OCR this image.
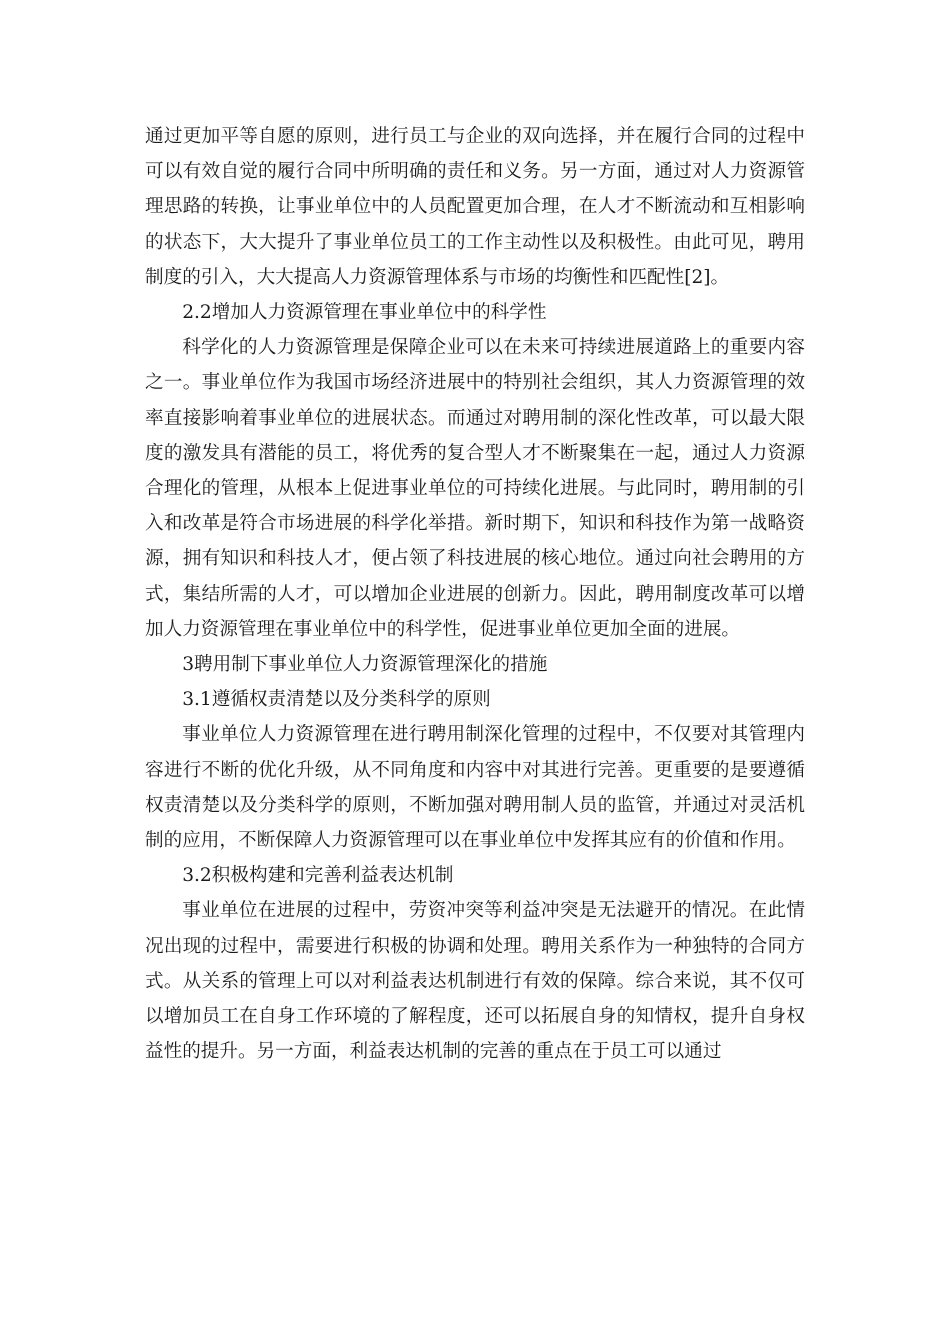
通过更加平等自愿的原则，进行员工与企业的双向选择，并在履行合同的过程中可以有效自觉的履行合同中所明确的责任和义务。另一方面，通过对人力资源管理思路的转换，让事业单位中的人员配置更加合理，在人才不断流动和互相影响的状态下，大大提升了事业单位员工的工作主动性以及积极性。由此可见，聘用制度的引入，大大提高人力资源管理体系与市场的均衡性和匹配性[2]。

2.2增加人力资源管理在事业单位中的科学性

科学化的人力资源管理是保障企业可以在未来可持续进展道路上的重要内容之一。事业单位作为我国市场经济进展中的特别社会组织，其人力资源管理的效率直接影响着事业单位的进展状态。而通过对聘用制的深化性改革，可以最大限度的激发具有潜能的员工，将优秀的复合型人才不断聚集在一起，通过人力资源合理化的管理，从根本上促进事业单位的可持续化进展。与此同时，聘用制的引入和改革是符合市场进展的科学化举措。新时期下，知识和科技作为第一战略资源，拥有知识和科技人才，便占领了科技进展的核心地位。通过向社会聘用的方式，集结所需的人才，可以增加企业进展的创新力。因此，聘用制度改革可以增加人力资源管理在事业单位中的科学性，促进事业单位更加全面的进展。

3聘用制下事业单位人力资源管理深化的措施

3.1遵循权责清楚以及分类科学的原则

事业单位人力资源管理在进行聘用制深化管理的过程中，不仅要对其管理内容进行不断的优化升级，从不同角度和内容中对其进行完善。更重要的是要遵循权责清楚以及分类科学的原则，不断加强对聘用制人员的监管，并通过对灵活机制的应用，不断保障人力资源管理可以在事业单位中发挥其应有的价值和作用。

3.2积极构建和完善利益表达机制

事业单位在进展的过程中，劳资冲突等利益冲突是无法避开的情况。在此情况出现的过程中，需要进行积极的协调和处理。聘用关系作为一种独特的合同方式。从关系的管理上可以对利益表达机制进行有效的保障。综合来说，其不仅可以增加员工在自身工作环境的了解程度，还可以拓展自身的知情权，提升自身权益性的提升。另一方面，利益表达机制的完善的重点在于员工可以通过
